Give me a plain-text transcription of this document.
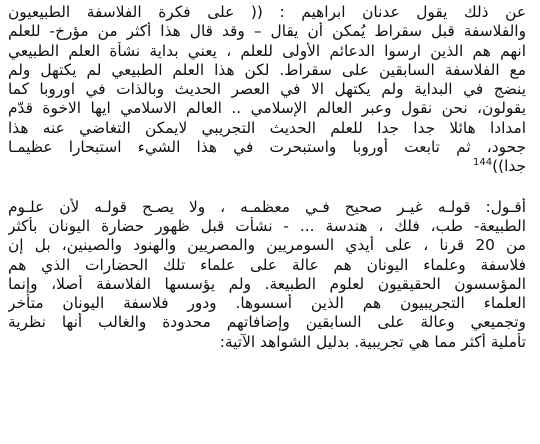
عن ذلك يقول عدنان ابراهيم : (( على فكرة الفلاسفة الطبيعيون
والفلاسفة قبل سقراط يُمكن أن يقال – وقد قال هذا أكثر من مؤرخ- للعلم
انهم هم الذين ارسوا الدعائم الأولى للعلم ، يعني بداية نشأة العلم الطبيعي
مع الفلاسفة السابقين على سقراط. لكن هذا العلم الطبيعي لم يكتهل ولم
ينضج في البداية ولم يكتهل الا في العصر الحديث وبالذات في اوروبا كما
يقولون، نحن نقول وعبر العالم الإسلامي .. العالم الاسلامي ايها الاخوة قدّم
امدادا هائلا جدا جدا للعلم الحديث التجريبي لايمكن التغاضي عنه هذا
جحود، ثم تابعت أوروبا واستبحرت في هذا الشيء استبحارا عظيمـا
جدا))$^{144}$

أقـول: قولـه غيـر صحيح فـي معظمـه ، ولا يصـح قولـه لأن علـوم
الطبيعة- طب، فلك ، هندسة ... - نشأت قبل ظهور حضارة اليونان بأكثر
من 20 قرنا ، على أيدي السومريين والمصريين والهنود والصينين، بل إن
فلاسفة وعلماء اليونان هم عالة على علماء تلك الحضارات الذي هم
المؤسسون الحقيقيون لعلوم الطبيعة. ولم يؤسسها الفلاسفة أصلا، وإنما
العلماء التجريبيون هم الذين أسسوها. ودور فلاسفة اليونان متأخر
وتجميعي وعالة على السابقين وإضافاتهم محدودة والغالب أنها نظرية
تأملية أكثر مما هي تجريبية. بدليل الشواهد الآتية:
